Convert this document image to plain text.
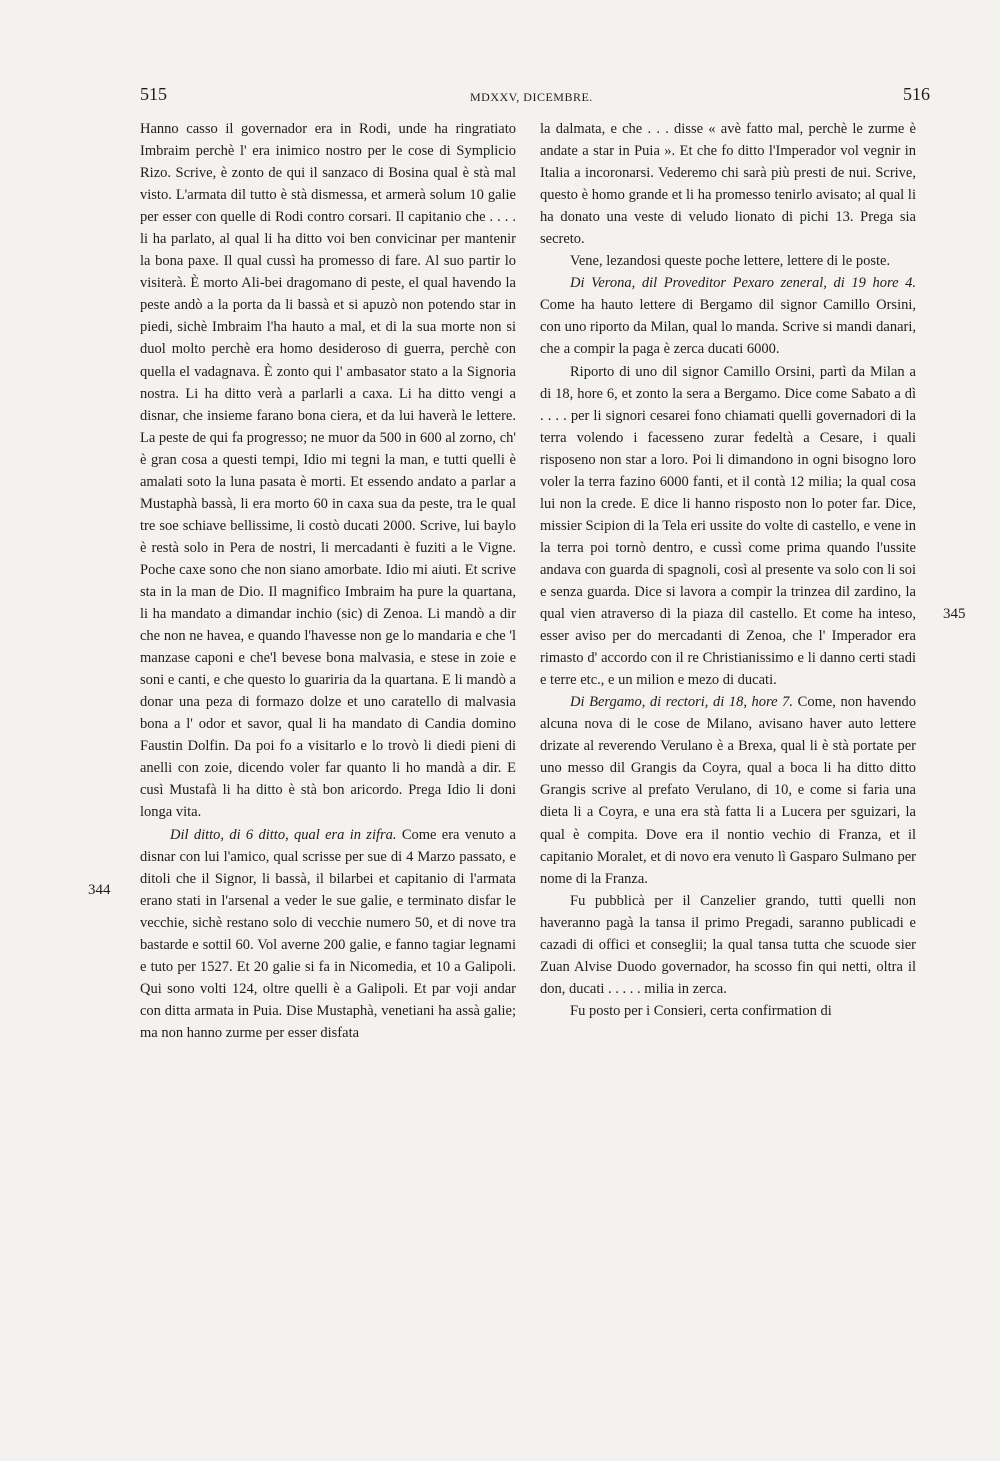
515	MDXXV, DICEMBRE.	516
344
345

Hanno casso il governador era in Rodi, unde ha ringratiato Imbraim perchè l' era inimico nostro per le cose di Symplicio Rizo. Scrive, è zonto de qui il sanzaco di Bosina qual è stà mal visto. L'armata dil tutto è stà dismessa, et armerà solum 10 galie per esser con quelle di Rodi contro corsari. Il capitanio che . . . . li ha parlato, al qual li ha ditto voi ben convicinar per mantenir la bona paxe. Il qual cussì ha promesso di fare. Al suo partir lo visiterà. È morto Ali-bei dragomano di peste, el qual havendo la peste andò a la porta da li bassà et si apuzò non potendo star in piedi, sichè Imbraim l'ha hauto a mal, et di la sua morte non si duol molto perchè era homo desideroso di guerra, perchè con quella el vadagnava. È zonto qui l' ambasator stato a la Signoria nostra. Li ha ditto verà a parlarli a caxa. Li ha ditto vengi a disnar, che insieme farano bona ciera, et da lui haverà le lettere. La peste de qui fa progresso; ne muor da 500 in 600 al zorno, ch' è gran cosa a questi tempi, Idio mi tegni la man, e tutti quelli è amalati soto la luna pasata è morti. Et essendo andato a parlar a Mustaphà bassà, li era morto 60 in caxa sua da peste, tra le qual tre soe schiave bellissime, li costò ducati 2000. Scrive, lui baylo è restà solo in Pera de nostri, li mercadanti è fuziti a le Vigne. Poche caxe sono che non siano amorbate. Idio mi aiuti. Et scrive sta in la man de Dio. Il magnifico Imbraim ha pure la quartana, li ha mandato a dimandar inchio (sic) di Zenoa. Li mandò a dir che non ne havea, e quando l'havesse non ge lo mandaria e che 'l manzase caponi e che'l bevese bona malvasia, e stese in zoie e soni e canti, e che questo lo guariria da la quartana. E li mandò a donar una peza di formazo dolze et uno caratello di malvasia bona a l' odor et savor, qual li ha mandato di Candia domino Faustin Dolfin. Da poi fo a visitarlo e lo trovò li diedi pieni di anelli con zoie, dicendo voler far quanto li ho mandà a dir. E cusì Mustafà li ha ditto è stà bon aricordo. Prega Idio li doni longa vita.

Dil ditto, di 6 ditto, qual era in zifra. Come era venuto a disnar con lui l'amico, qual scrisse per sue di 4 Marzo passato, e ditoli che il Signor, li bassà, il bilarbei et capitanio di l'armata erano stati in l'arsenal a veder le sue galie, e terminato disfar le vecchie, sichè restano solo di vecchie numero 50, et di nove tra bastarde e sottil 60. Vol averne 200 galie, e fanno tagiar legnami e tuto per 1527. Et 20 galie si fa in Nicomedia, et 10 a Galipoli. Qui sono volti 124, oltre quelli è a Galipoli. Et par voji andar con ditta armata in Puia. Dise Mustaphà, venetiani ha assà galie; ma non hanno zurme per esser disfata

la dalmata, e che . . . disse « avè fatto mal, perchè le zurme è andate a star in Puia ». Et che fo ditto l'Imperador vol vegnir in Italia a incoronarsi. Vederemo chi sarà più presti de nui. Scrive, questo è homo grande et li ha promesso tenirlo avisato; al qual li ha donato una veste di veludo lionato di pichi 13. Prega sia secreto.

Vene, lezandosi queste poche lettere, lettere di le poste.

Di Verona, dil Proveditor Pexaro zeneral, di 19 hore 4. Come ha hauto lettere di Bergamo dil signor Camillo Orsini, con uno riporto da Milan, qual lo manda. Scrive si mandi danari, che a compir la paga è zerca ducati 6000.

Riporto di uno dil signor Camillo Orsini, partì da Milan a di 18, hore 6, et zonto la sera a Bergamo. Dice come Sabato a dì . . . . per li signori cesarei fono chiamati quelli governadori di la terra volendo i facesseno zurar fedeltà a Cesare, i quali risposeno non star a loro. Poi li dimandono in ogni bisogno loro voler la terra fazino 6000 fanti, et il contà 12 milia; la qual cosa lui non la crede. E dice li hanno risposto non lo poter far. Dice, missier Scipion di la Tela eri ussite do volte di castello, e vene in la terra poi tornò dentro, e cussì come prima quando l'ussite andava con guarda di spagnoli, così al presente va solo con li soi e senza guarda. Dice si lavora a compir la trinzea dil zardino, la qual vien atraverso di la piaza dil castello. Et come ha inteso, esser aviso per do mercadanti di Zenoa, che l' Imperador era rimasto d' accordo con il re Christianissimo e li danno certi stadi e terre etc., e un milion e mezo di ducati.

Di Bergamo, di rectori, di 18, hore 7. Come, non havendo alcuna nova di le cose de Milano, avisano haver auto lettere drizate al reverendo Verulano è a Brexa, qual li è stà portate per uno messo dil Grangis da Coyra, qual a boca li ha ditto ditto Grangis scrive al prefato Verulano, di 10, e come si faria una dieta li a Coyra, e una era stà fatta li a Lucera per sguizari, la qual è compita. Dove era il nontio vechio di Franza, et il capitanio Moralet, et di novo era venuto lì Gasparo Sulmano per nome di la Franza.

Fu pubblicà per il Canzelier grando, tutti quelli non haveranno pagà la tansa il primo Pregadi, saranno publicadi e cazadi di offici et conseglii; la qual tansa tutta che scuode sier Zuan Alvise Duodo governador, ha scosso fin qui netti, oltra il don, ducati . . . . . milia in zerca.

Fu posto per i Consieri, certa confirmation di
